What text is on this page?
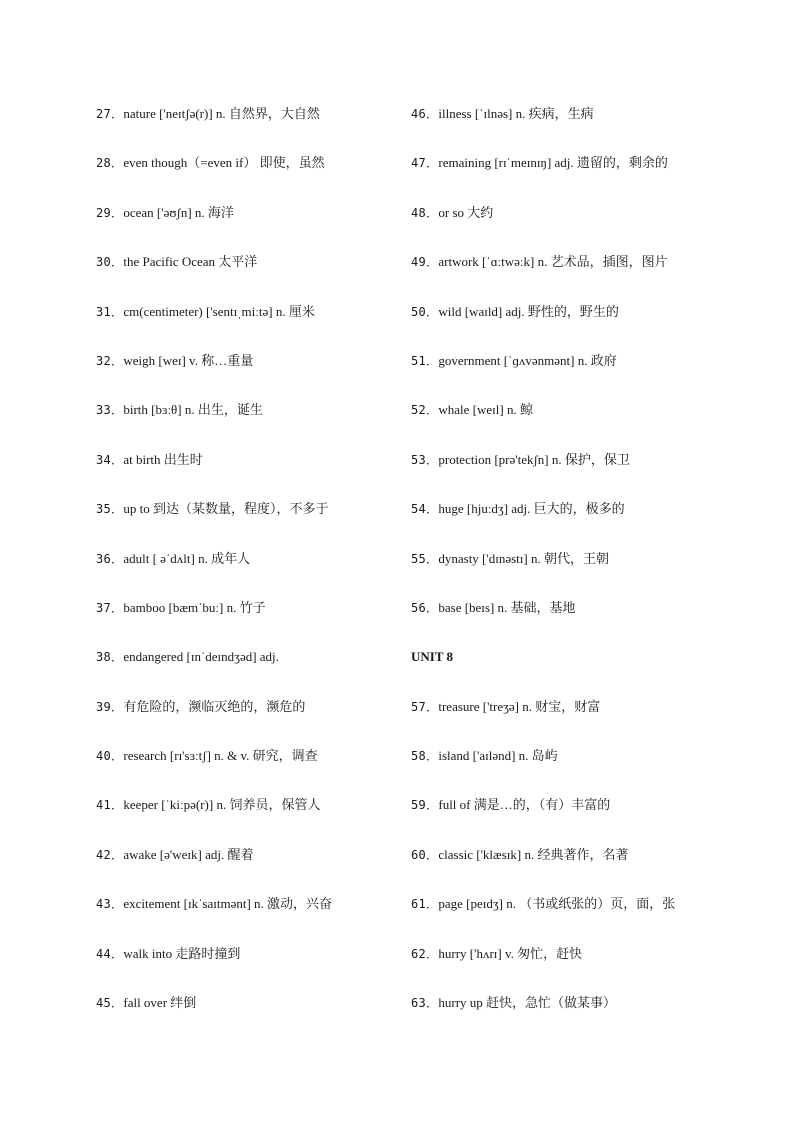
27．nature ['neɪtʃə(r)] n. 自然界，大自然
28．even though（=even if） 即使，虽然
29．ocean ['əʊʃn] n. 海洋
30．the Pacific Ocean 太平洋
31．cm(centimeter) ['sentɪˌmiːtə] n. 厘米
32．weigh [weɪ] v. 称…重量
33．birth [bɜːθ] n. 出生，诞生
34．at birth 出生时
35．up to 到达（某数量，程度），不多于
36．adult [ əˈdʌlt] n. 成年人
37．bamboo [bæmˈbuː] n. 竹子
38．endangered [ɪnˈdeɪndʒəd] adj.
39．有危险的，濒临灭绝的，濒危的
40．research [rɪ'sɜːtʃ] n. & v. 研究，调查
41．keeper [ˈkiːpə(r)] n. 饲养员，保管人
42．awake [ə'weɪk] adj. 醒着
43．excitement [ɪkˈsaɪtmənt] n. 激动，兴奋
44．walk into 走路时撞到
45．fall over 绊倒
46．illness [ˈɪlnəs] n. 疾病，生病
47．remaining [rɪˈmeɪnɪŋ] adj. 遗留的，剩余的
48．or so 大约
49．artwork [ˈɑːtwəːk] n. 艺术品，插图，图片
50．wild [waɪld] adj. 野性的，野生的
51．government [ˈɡʌvənmənt] n. 政府
52．whale [weɪl] n. 鲸
53．protection [prə'tekʃn] n. 保护，保卫
54．huge [hjuːdʒ] adj. 巨大的，极多的
55．dynasty ['dɪnəstɪ] n. 朝代，王朝
56．base [beɪs] n. 基础，基地
UNIT 8
57．treasure ['treʒə] n. 财宝，财富
58．island ['aɪlənd] n. 岛屿
59．full of 满是…的，（有）丰富的
60．classic ['klæsɪk] n. 经典著作，名著
61．page [peɪdʒ] n. （书或纸张的）页，面，张
62．hurry ['hʌrɪ] v. 匆忙，赶快
63．hurry up 赶快，急忙（做某事）
